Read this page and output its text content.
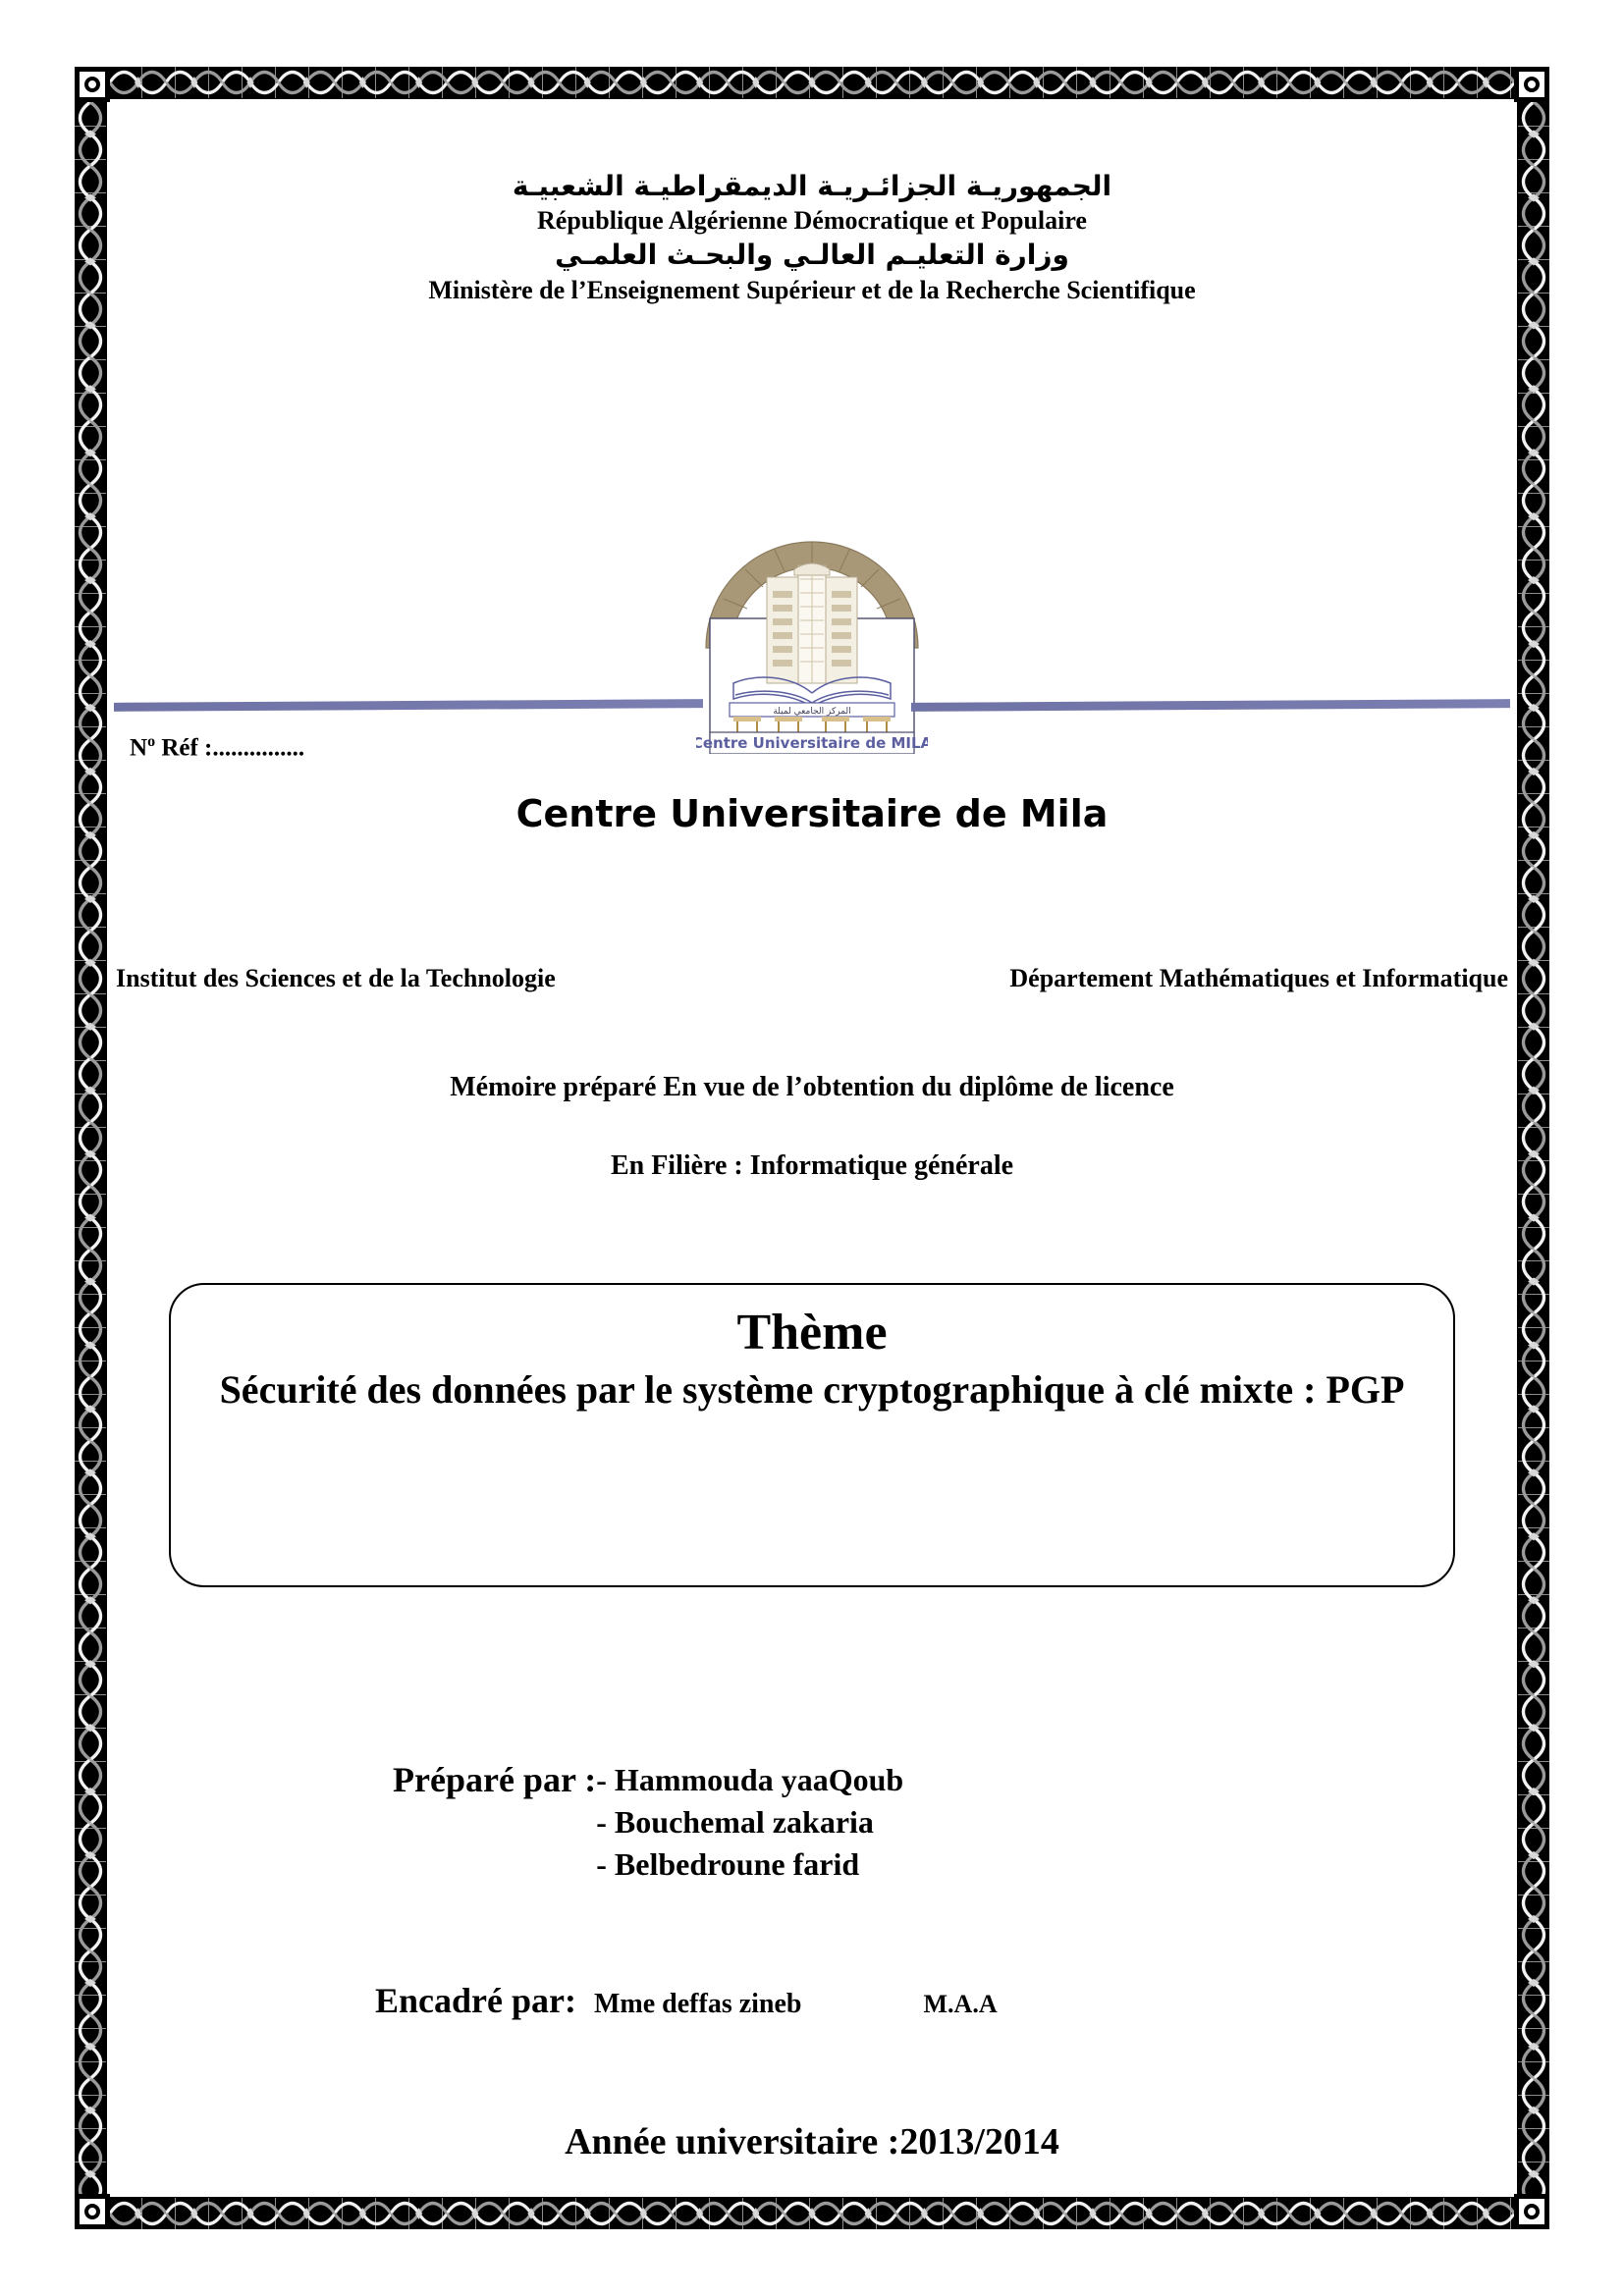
الجمهوريـة الجزائـريـة الديمقراطيـة الشعبيـة
République Algérienne Démocratique et Populaire
وزارة التعليـم العالـي والبحـث العلمـي
Ministère de l’Enseignement Supérieur et de la Recherche Scientifique
المركز الجامعي لميلة
Centre Universitaire de MILA
$N^o$ Réf :...............
Centre Universitaire de Mila
Institut des Sciences et de la Technologie	Département Mathématiques et Informatique
Mémoire préparé En vue de l’obtention du diplôme de licence
En Filière : Informatique générale
Thème
Sécurité des données par le système cryptographique à clé mixte : PGP
Préparé par : - Hammouda yaaQoub
- Bouchemal zakaria
- Belbedroune farid
Encadré par: Mme deffas zineb	M.A.A
Année universitaire :2013/2014
